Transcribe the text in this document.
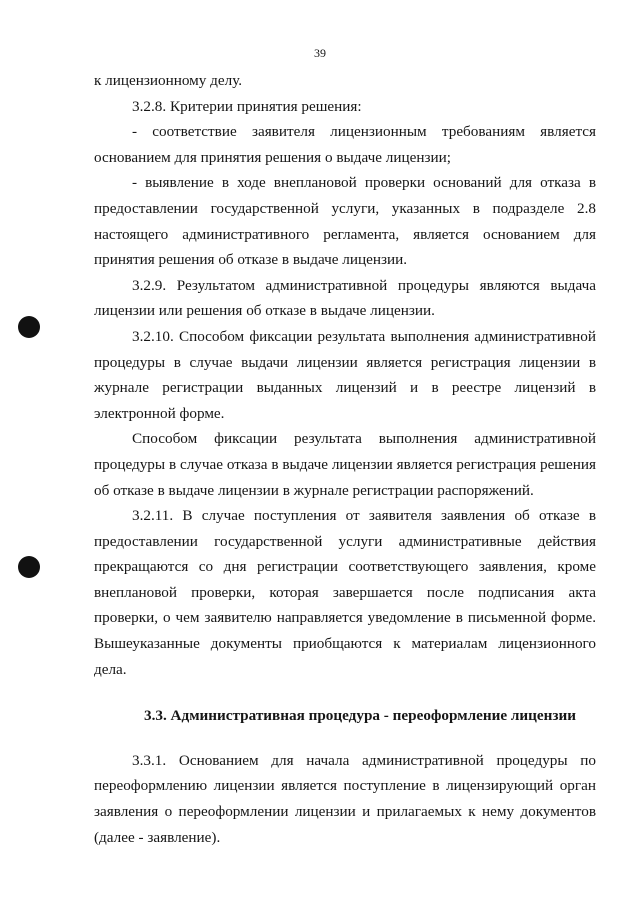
39

к лицензионному делу.

3.2.8. Критерии принятия решения:

- соответствие заявителя лицензионным требованиям является основанием для принятия решения о выдаче лицензии;

- выявление в ходе внеплановой проверки оснований для отказа в предоставлении государственной услуги, указанных в подразделе 2.8 настоящего административного регламента, является основанием для принятия решения об отказе в выдаче лицензии.

3.2.9. Результатом административной процедуры являются выдача лицензии или решения об отказе в выдаче лицензии.

3.2.10. Способом фиксации результата выполнения административной процедуры в случае выдачи лицензии является регистрация лицензии в журнале регистрации выданных лицензий и в реестре лицензий в электронной форме.

Способом фиксации результата выполнения административной процедуры в случае отказа в выдаче лицензии является регистрация решения об отказе в выдаче лицензии в журнале регистрации распоряжений.

3.2.11. В случае поступления от заявителя заявления об отказе в предоставлении государственной услуги административные действия прекращаются со дня регистрации соответствующего заявления, кроме внеплановой проверки, которая завершается после подписания акта проверки, о чем заявителю направляется уведомление в письменной форме. Вышеуказанные документы приобщаются к материалам лицензионного дела.

3.3. Административная процедура - переоформление лицензии

3.3.1. Основанием для начала административной процедуры по переоформлению лицензии является поступление в лицензирующий орган заявления о переоформлении лицензии и прилагаемых к нему документов (далее - заявление).
